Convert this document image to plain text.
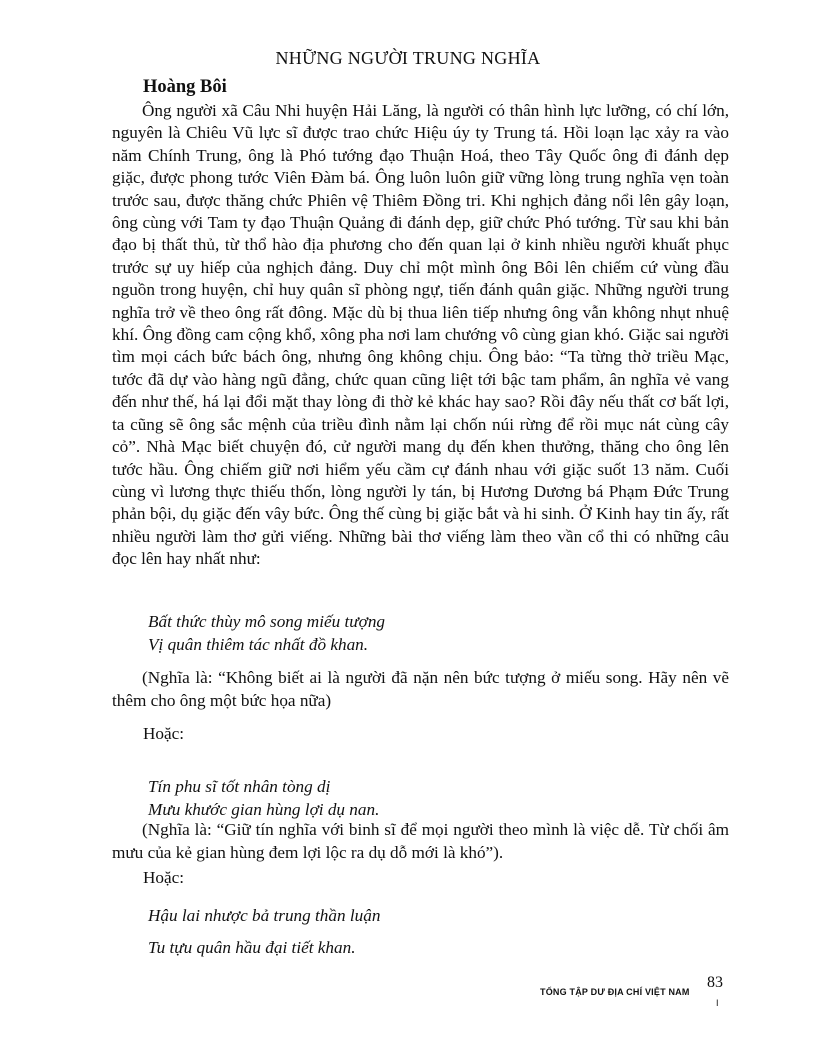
NHỮNG NGƯỜI TRUNG NGHĨA
Hoàng Bôi

Ông người xã Câu Nhi huyện Hải Lăng, là người có thân hình lực lưỡng, có chí lớn, nguyên là Chiêu Vũ lực sĩ được trao chức Hiệu úy ty Trung tá. Hồi loạn lạc xảy ra vào năm Chính Trung, ông là Phó tướng đạo Thuận Hoá, theo Tây Quốc ông đi đánh dẹp giặc, được phong tước Viên Đàm bá. Ông luôn luôn giữ vững lòng trung nghĩa vẹn toàn trước sau, được thăng chức Phiên vệ Thiêm Đồng tri. Khi nghịch đảng nổi lên gây loạn, ông cùng với Tam ty đạo Thuận Quảng đi đánh dẹp, giữ chức Phó tướng. Từ sau khi bản đạo bị thất thủ, từ thổ hào địa phương cho đến quan lại ở kinh nhiều người khuất phục trước sự uy hiếp của nghịch đảng. Duy chỉ một mình ông Bôi lên chiếm cứ vùng đầu nguồn trong huyện, chỉ huy quân sĩ phòng ngự, tiến đánh quân giặc. Những người trung nghĩa trở về theo ông rất đông. Mặc dù bị thua liên tiếp nhưng ông vẫn không nhụt nhuệ khí. Ông đồng cam cộng khổ, xông pha nơi lam chướng vô cùng gian khó. Giặc sai người tìm mọi cách bức bách ông, nhưng ông không chịu. Ông bảo: “Ta từng thờ triều Mạc, tước đã dự vào hàng ngũ đẳng, chức quan cũng liệt tới bậc tam phẩm, ân nghĩa vẻ vang đến như thế, há lại đổi mặt thay lòng đi thờ kẻ khác hay sao? Rồi đây nếu thất cơ bất lợi, ta cũng sẽ ông sắc mệnh của triều đình nằm lại chốn núi rừng để rồi mục nát cùng cây cỏ”. Nhà Mạc biết chuyện đó, cử người mang dụ đến khen thưởng, thăng cho ông lên tước hầu. Ông chiếm giữ nơi hiểm yếu cầm cự đánh nhau với giặc suốt 13 năm. Cuối cùng vì lương thực thiếu thốn, lòng người ly tán, bị Hương Dương bá Phạm Đức Trung phản bội, dụ giặc đến vây bức. Ông thế cùng bị giặc bắt và hi sinh. Ở Kinh hay tin ấy, rất nhiều người làm thơ gửi viếng. Những bài thơ viếng làm theo vần cổ thi có những câu đọc lên hay nhất như:

Bất thức thùy mô song miếu tượng
Vị quân thiêm tác nhất đồ khan.

(Nghĩa là: “Không biết ai là người đã nặn nên bức tượng ở miếu song. Hãy nên vẽ thêm cho ông một bức họa nữa)

Hoặc:

Tín phu sĩ tốt nhân tòng dị
Mưu khước gian hùng lợi dụ nan.

(Nghĩa là: “Giữ tín nghĩa với binh sĩ để mọi người theo mình là việc dễ. Từ chối âm mưu của kẻ gian hùng đem lợi lộc ra dụ dỗ mới là khó”).

Hoặc:

Hậu lai nhược bả trung thần luận
Tu tựu quân hầu đại tiết khan.
TỔNG TẬP DƯ ĐỊA CHÍ VIỆT NAM
83
I
